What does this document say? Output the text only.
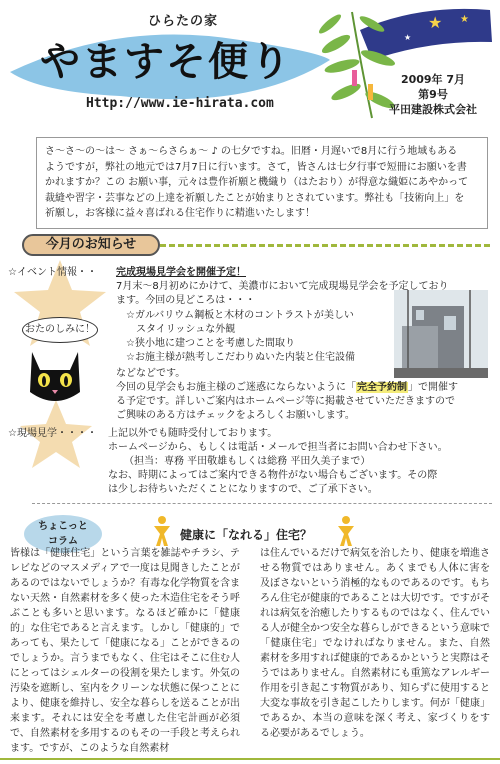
★ ★
★
ひらたの家
やますそ便り
Http://www.ie-hirata.com
2009年 7月
第9号
平田建設株式会社
さ～さ～の～は～ さぁ～らさらぁ～ ♪ の七夕ですね。旧暦・月遅いで8月に行う地域もある
ようですが，弊社の地元では7月7日に行います。さて，皆さんは七夕行事で短冊にお願いを書
かれますか？この お願い事，元々は豊作祈願と機織り（はたおり）が得意な織姫にあやかって
裁縫や習字・芸事などの上達を祈願したことが始まりとされています。弊社も「技術向上」を
祈願し，お客様に益々喜ばれる住宅作りに精進いたします！
今月のお知らせ
おたのしみに！
☆イベント情報・・ 完成現場見学会を開催予定！
7月末～8月初めにかけて、美濃市において完成現場見学会を予定しており
ます。今回の見どころは・・・
☆ガルバリウム鋼板と木材のコントラストが美しい
　スタイリッシュな外観
☆狭小地に建つことを考慮した間取り
☆お施主様が熱考しこだわりぬいた内装と住宅設備
などなどです。
今回の見学会もお施主様のご迷惑にならないように「完全予約制」で開催す
る予定です。詳しいご案内はホームページ等に掲載させていただきますので
ご興味のある方はチェックをよろしくお願いします。
☆現場見学・・・・ 上記以外でも随時受付しております。
ホームページから、もしくは電話・メールで担当者にお問い合わせ下さい。
（担当：専務 平田敬雄もしくは総務 平田久美子まで）
なお、時期によってはご案内できる物件がない場合もございます。その際
は少しお待ちいただくことになりますので、ご了承下さい。
ちょこっと
コラム	健康に「なれる」住宅？
皆様は「健康住宅」という言葉を雑誌やチラシ、テレビなどのマスメディアで一度は見聞きしたことがあるのではないでしょうか？有毒な化学物質を含まない天然・自然素材を多く使った木造住宅をそう呼ぶことも多いと思います。なるほど確かに「健康的」な住宅であると言えます。しかし「健康的」であっても、果たして「健康になる」ことができるのでしょうか。言うまでもなく、住宅はそこに住む人にとってはシェルターの役割を果たします。外気の汚染を遮断し、室内をクリーンな状態に保つことにより、健康を維持し、安全な暮らしを送ることが出来ます。それには安全を考慮した住宅計画が必須で、自然素材を多用するのもその一手段と考えられます。ですが、このような自然素材
は住んでいるだけで病気を治したり、健康を増進させる物質ではありません。あくまでも人体に害を及ぼさないという消極的なものであるのです。もちろん住宅が健康的であることは大切です。ですがそれは病気を治癒したりするものではなく、住んでいる人が健全かつ安全な暮らしができるという意味で「健康住宅」でなければなりません。また、自然素材を多用すれば健康的であるかというと実際はそうではありません。自然素材にも重篤なアレルギー作用を引き起こす物質があり、知らずに使用すると大変な事故を引き起こしたりします。何が「健康」であるか、本当の意味を深く考え、家づくりをする必要があるでしょう。
